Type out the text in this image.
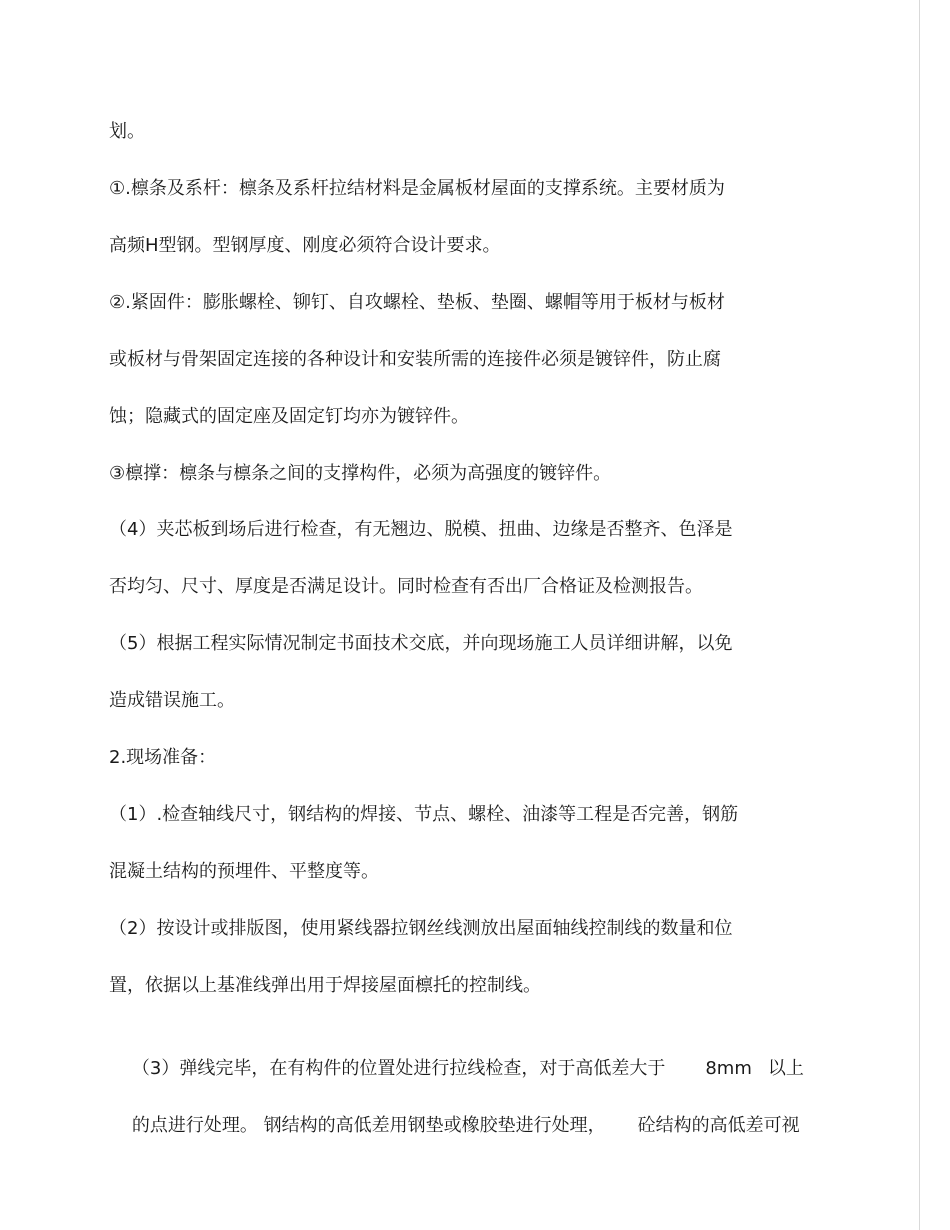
划。
①.檩条及系杆：檩条及系杆拉结材料是金属板材屋面的支撑系统。主要材质为
高频H型钢。型钢厚度、刚度必须符合设计要求。
②.紧固件：膨胀螺栓、铆钉、自攻螺栓、垫板、垫圈、螺帽等用于板材与板材
或板材与骨架固定连接的各种设计和安装所需的连接件必须是镀锌件，防止腐
蚀；隐藏式的固定座及固定钉均亦为镀锌件。
③檩撑：檩条与檩条之间的支撑构件，必须为高强度的镀锌件。
（4）夹芯板到场后进行检查，有无翘边、脱模、扭曲、边缘是否整齐、色泽是
否均匀、尺寸、厚度是否满足设计。同时检查有否出厂合格证及检测报告。
（5）根据工程实际情况制定书面技术交底，并向现场施工人员详细讲解，以免
造成错误施工。
2.现场准备：
（1）.检查轴线尺寸，钢结构的焊接、节点、螺栓、油漆等工程是否完善，钢筋
混凝土结构的预埋件、平整度等。
（2）按设计或排版图，使用紧线器拉钢丝线测放出屋面轴线控制线的数量和位
置，依据以上基准线弹出用于焊接屋面檩托的控制线。

（3）弹线完毕，在有构件的位置处进行拉线检查，对于高低差大于 8mm 以上

的点进行处理。 钢结构的高低差用钢垫或橡胶垫进行处理， 砼结构的高低差可视
